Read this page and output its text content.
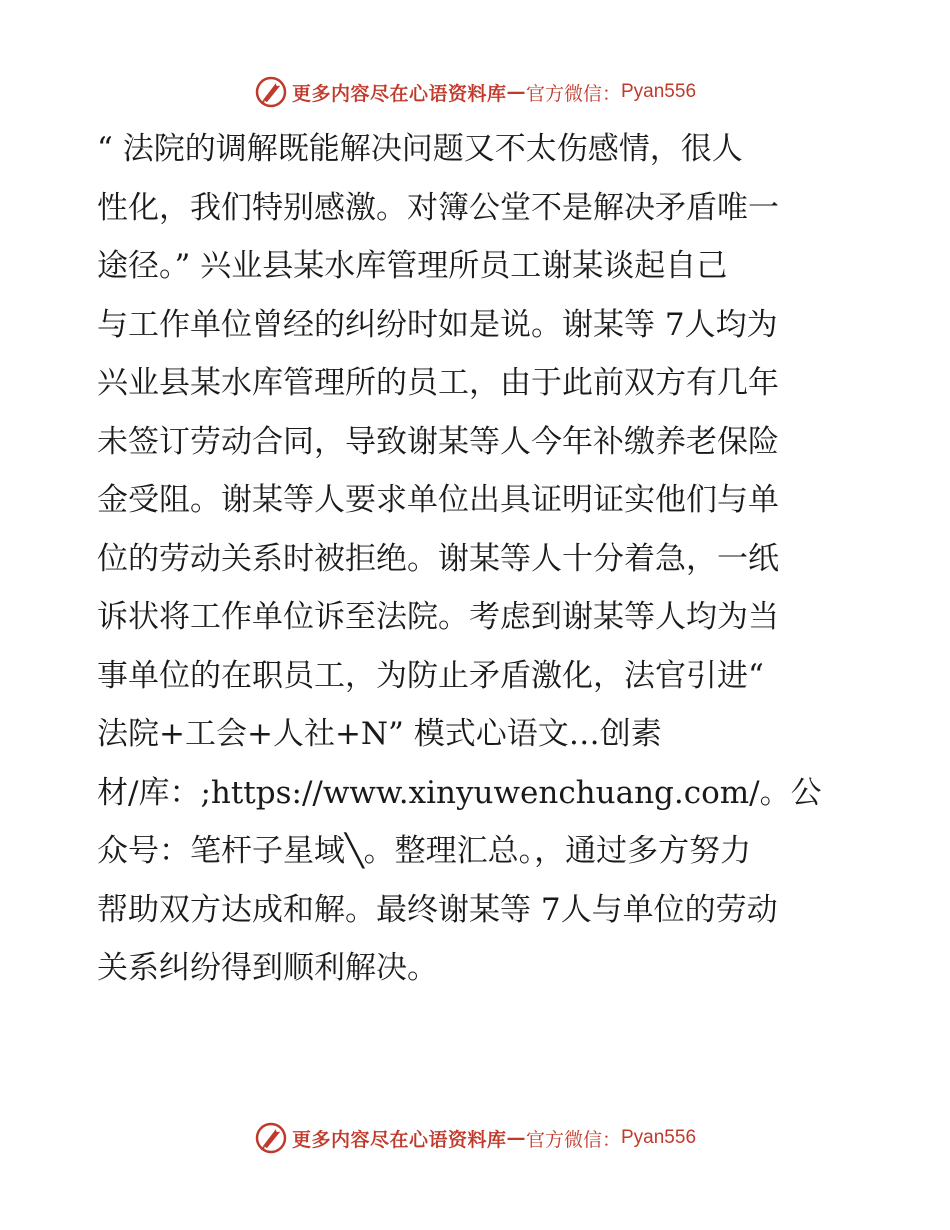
更多内容尽在心语资料库 — 官方微信： Pyan556
“ 法院的调解既能解决问题又不太伤感情，很人
性化，我们特别感激。对簿公堂不是解决矛盾唯一
途径。” 兴业县某水库管理所员工谢某谈起自己
与工作单位曾经的纠纷时如是说。谢某等 7人均为
兴业县某水库管理所的员工，由于此前双方有几年
未签订劳动合同，导致谢某等人今年补缴养老保险
金受阻。谢某等人要求单位出具证明证实他们与单
位的劳动关系时被拒绝。谢某等人十分着急，一纸
诉状将工作单位诉至法院。考虑到谢某等人均为当
事单位的在职员工，为防止矛盾激化，法官引进“
法院+工会+人社+N” 模式心语文…创素
材/库：;https://www.xinyuwenchuang.com/。公
众号：笔杆子星域╲。整理汇总。，通过多方努力
帮助双方达成和解。最终谢某等 7人与单位的劳动
关系纠纷得到顺利解决。
更多内容尽在心语资料库 — 官方微信： Pyan556
